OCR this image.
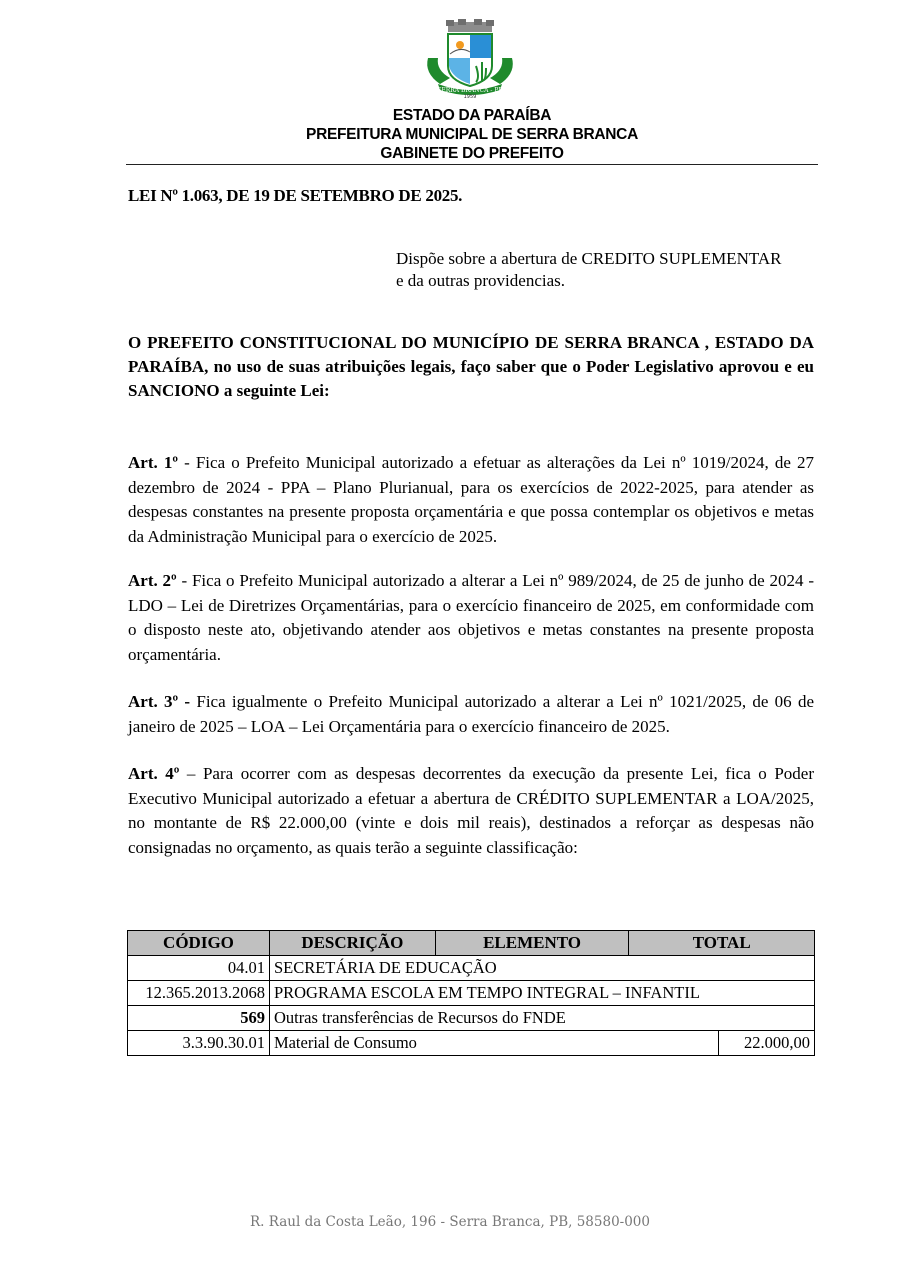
SERRA BRANCA - PB
1959
ESTADO DA PARAÍBA
PREFEITURA MUNICIPAL DE SERRA BRANCA
GABINETE DO PREFEITO
LEI Nº 1.063, DE 19 DE SETEMBRO DE 2025.
Dispõe sobre a abertura de CREDITO SUPLEMENTAR
e da outras providencias.
O PREFEITO CONSTITUCIONAL DO MUNICÍPIO DE SERRA BRANCA , ESTADO DA PARAÍBA, no uso de suas atribuições legais, faço saber que o Poder Legislativo aprovou e eu SANCIONO a seguinte Lei:
Art. 1º - Fica o Prefeito Municipal autorizado a efetuar as alterações da Lei nº 1019/2024, de 27 dezembro de 2024 - PPA – Plano Plurianual, para os exercícios de 2022-2025, para atender as despesas constantes na presente proposta orçamentária e que possa contemplar os objetivos e metas da Administração Municipal para o exercício de 2025.
Art. 2º - Fica o Prefeito Municipal autorizado a alterar a Lei nº 989/2024, de 25 de junho de 2024 - LDO – Lei de Diretrizes Orçamentárias, para o exercício financeiro de 2025, em conformidade com o disposto neste ato, objetivando atender aos objetivos e metas constantes na presente proposta orçamentária.
Art. 3º - Fica igualmente o Prefeito Municipal autorizado a alterar a Lei nº 1021/2025, de 06 de janeiro de 2025 – LOA – Lei Orçamentária para o exercício financeiro de 2025.
Art. 4º – Para ocorrer com as despesas decorrentes da execução da presente Lei, fica o Poder Executivo Municipal autorizado a efetuar a abertura de CRÉDITO SUPLEMENTAR a LOA/2025, no montante de R$ 22.000,00 (vinte e dois mil reais), destinados a reforçar as despesas não consignadas no orçamento, as quais terão a seguinte classificação:
CÓDIGO	DESCRIÇÃO	ELEMENTO	TOTAL	
04.01	SECRETÁRIA DE EDUCAÇÃO			
12.365.2013.2068	PROGRAMA ESCOLA EM TEMPO INTEGRAL – INFANTIL			
569	Outras transferências de Recursos do FNDE			
3.3.90.30.01	Material de Consumo			22.000,00
R. Raul da Costa Leão, 196 - Serra Branca, PB, 58580-000
